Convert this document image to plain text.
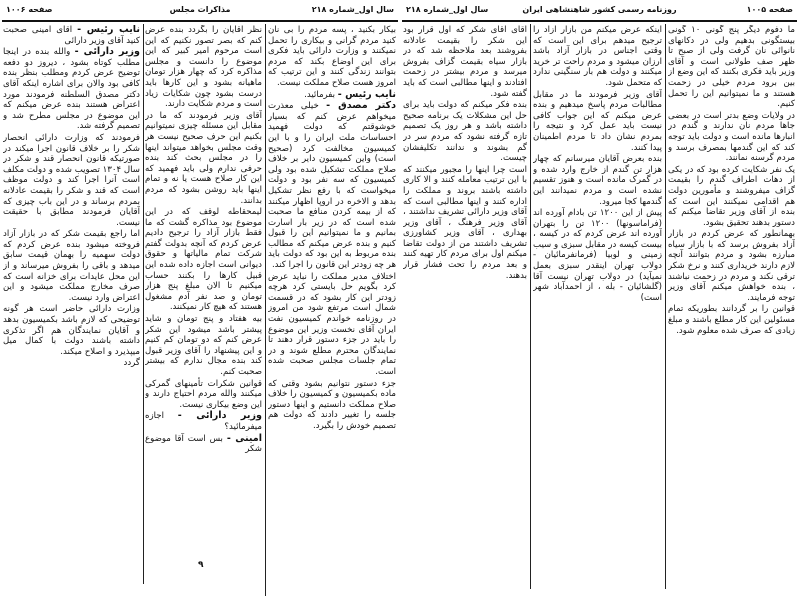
صفحه ۱۰۰۶	مذاکرات مجلس	سال اول_شماره ۲۱۸

بیکار بکنید ، پسه مردم را بی نان کنید مردم گرانی و بیکاری را تحمل نمیکنند و وزارت دارائی باید فکری برای این اوضاع بکند که مردم بتوانند زندگی کنند و این ترتیب که امروز هست صلاح مملکت نیست.

نایب رئیس - بفرمائید.

دکتر مصدق - خیلی معذرت میخواهم عرض کنم که بسیار خوشوقتم که دولت فهمید احساسات ملت ایران را و با این کمیسیون مخالفت کرد (صحیح است) واین کمیسیون دایر بر خلاف صلاح مملکت تشکیل شده بود ولی کمیسیون که سه نفر بود و دولت میخواست که با رفع نظر تشکیل بدهد و الاخره در اروپا اظهار میکنند که از بیمه کردن منافع ما صحبت شده است که در زیر بار اسارت بمانیم و ما نمیتوانیم این را قبول کنیم و بنده عرض میکنم که مطالب بنده مربوط به این بود که دولت باید هر چه زودتر این قانون را اجرا کند.

اختلاف مدیر مملکت را نباید عرض کرد بگویم حل بایستی کرد هرچه زودتر این کار بشود که در قسمت شمال است مرتفع شود من امروز در روزنامه خواندم کمیسیون نفت ایران آقای نخست وزیر این موضوع را باید در جزء دستور قرار دهند تا نمایندگان محترم مطلع شوند و در تمام جلسات مجلس صحبت شده است.

جزء دستور نتوانیم بشود وقتی که ماده بکمیسیون و کمیسیون را خلاف صلاح مملکت دانستیم و اینها دستور جلسه را تغییر دادند که دولت هم تصمیم خودش را بگیرد.

نظر آقایان را بگردد بنده عرض کنم که بصر تصور نکنیم که این است مرحوم امیر کبیر که این موضوع را دانست و مجلس مذاکره کرد که چهار هزار تومان ماهیانه بشود و این کارها باید درست بشود چون شکایات زیاد است و مردم شکایت دارند.

آقای وزیر فرمودند که ما در مقابل این مسئله چیزی نمیتوانیم بکنیم این حرف صحیح نیست هر وقت مجلس بخواهد میتواند اینها را در مجلس بحث کند بنده حرفی ندارم ولی باید فهمید که این کار صلاح هست یا نه و تمام اینها باید روشن بشود که مردم بدانند.

لیمحقاطه لوقف که در این موضوع بود مذاکره گشت که ما فقط بازار آزاد را ترجیح دادیم عرض کردم که آنچه بدولت گفتم شرکت تمام مالیاتها و حقوق دیوانی است اجازه داده شده این قبیل کارها را بکنند حساب میکنیم تا الان مبلغ پنج هزار تومان و صد نفر آدم مشغول هستند که هیچ کار نمیکنند.

بیه هفتاد و پنج تومان و شاید پیشتر باشد میشود این شکر عرض کنم که دو تومان کم کنیم و این پیشنهاد را آقای وزیر قبول کند بنده مجال ندارم که بیشتر صحبت کنم.

قوانین شکرات تأمینهای گمرکی میکنند والله مردم احتیاج دارند و این وضع بیکاری نیست.

وزیر دارائی - اجازه میفرمائید؟

امینی - بس است آقا موضوع شکر

۹

نایب رئیس - آقای امینی صحبت کنید آقای وزیر دارائی

وزیر دارائی - والله بنده در اینجا مطلب کوتاه بشود ، دیروز دو دفعه توضیح عرض کردم ومطلب بنظر بنده کافی بود والان برای اشاره اینکه آقای دکتر مصدق السلطنه فرمودند مورد اعتراض هستند بنده عرض میکنم که این موضوع در مجلس مطرح شد و تصمیم گرفته شد.

فرمودند که وزارت دارائی انحصار شکر را بر خلاف قانون اجرا میکند در صورتیکه قانون انحصار قند و شکر در سال ۱۳۰۴ تصویب شده و دولت مکلف است آنرا اجرا کند و دولت موظف است که قند و شکر را بقیمت عادلانه بمردم برساند و در این باب چیزی که آقایان فرمودند مطابق با حقیقت نیست.

اما راجع بقیمت شکر که در بازار آزاد فروخته میشود بنده عرض کردم که دولت سهمیه را بهمان قیمت سابق میدهد و باقی را بفروش میرساند و از این محل عایدات برای خزانه است که صرف مخارج مملکت میشود و این اعتراض وارد نیست.

وزارت دارائی حاضر است هر گونه توضیحی که لازم باشد بکمیسیون بدهد و آقایان نمایندگان هم اگر تذکری داشته باشند دولت با کمال میل میپذیرد و اصلاح میکند.

گردد

سال اول_شماره ۲۱۸	روزنامه رسمی کشور شاهنشاهی ایران	صفحه ۱۰۰۵

ما دفوم دیگر پنج گونی ۱۰ گونی بیستگونی بدهیم ولی در دکانهای نانوائی نان گرفت ولی از صبح تا ظهر صف طولانی است و آقای وزیر باید فکری بکنند که این وضع از بین برود مردم خیلی در زحمت هستند و ما نمیتوانیم این را تحمل کنیم.

در ولایات وضع بدتر است در بعضی جاها مردم نان ندارند و گندم در انبارها مانده است و دولت باید توجه کند که این گندمها بمصرف برسد و مردم گرسنه نمانند.

یک نفر شکایت کرده بود که در یکی از دهات اطراف گندم را بقیمت گزاف میفروشند و مأمورین دولت هم اقدامی نمیکنند این است که بنده از آقای وزیر تقاضا میکنم که دستور بدهند تحقیق بشود.

بهمانطور که عرض کردم در بازار آزاد بفروش برسد که با بازار سیاه مبارزه بشود و مردم بتوانند آنچه لازم دارند خریداری کنند و نرخ شکر ترقی نکند و مردم در زحمت نباشند ، بنده خواهش میکنم آقای وزیر توجه فرمایند.

قوانین را بر گردانند بطوریکه تمام مسئولین این کار مطلع باشند و مبلغ زیادی که صرف شده معلوم شود.

اینکه عرض میکنم من بازار آزاد را ترجیح میدهم برای این است که وقتی اجناس در بازار آزاد باشد ارزان میشود و مردم راحت تر خرید میکنند و دولت هم بار سنگینی ندارد که متحمل شود.

آقای وزیر فرمودند ما در مقابل مطالبات مردم پاسخ میدهیم و بنده عرض میکنم که این جواب کافی نیست باید عمل کرد و نتیجه را بمردم نشان داد تا مردم اطمینان پیدا کنند.

بنده بعرض آقایان میرسانم که چهار هزار تن گندم از خارج وارد شده و در گمرک مانده است و هنوز تقسیم نشده است و مردم نمیدانند این گندمها کجا میرود.

پیش از این ۱۲۰۰ تن بادام آورده اند (فراماسونها) ۱۲۰۰ تن را بتهران آورده اند عرض کردم که در کیسه ، بیست کیسه در مقابل سبزی و سیب زمینی و لوبیا (فرمانفرمائیان - دولاب تهران اینقدر سبزی بعمل نمیآید) در دولاب تهران نیست آقا (گلشائیان - بله ، از احمدآباد شهر است)

آقای آقای شکر که اول قرار بود این شکر را بقیمت عادلانه بفروشند بعد ملاحظه شد که در بازار سیاه بقیمت گزاف بفروش میرسد و مردم بیشتر در زحمت افتادند و اینها مطالبی است که باید گفته شود.

بنده فکر میکنم که دولت باید برای حل این مشکلات یک برنامه صحیح داشته باشد و هر روز یک تصمیم تازه گرفته نشود که مردم سر در گم بشوند و ندانند تکلیفشان چیست.

است چرا اینها را مجبور میکنند که با این ترتیب معامله کنند و الا کاری داشته باشند بروند و مملکت را اداره کنند و اینها مطالبی است که آقای وزیر دارائی تشریف نداشتند ، آقای وزیر فرهنگ ، آقای وزیر بهداری ، آقای وزیر کشاورزی تشریف داشتند من از دولت تقاضا میکنم اول برای مردم کار تهیه کنند و بعد مردم را تحت فشار قرار بدهند.
